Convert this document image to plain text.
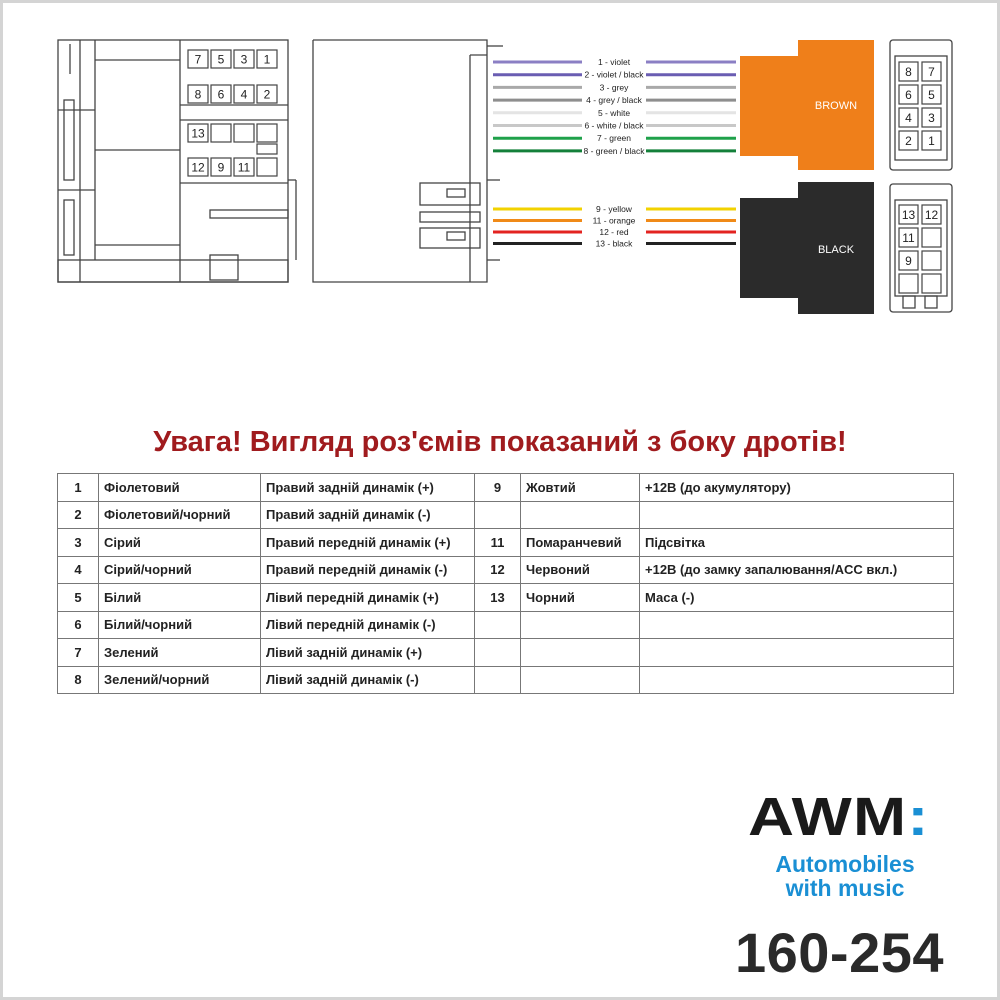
7 5 3 1
8 6 4 2
13
12 9 11
1 - violet
2 - violet / black
3 - grey
4 - grey / black
5 - white
6 - white / black
7 - green
8 - green / black
9 - yellow
11 - orange
12 - red
13 - black
BROWN
BLACK
8 7
6 5
4 3
2 1
13 12
11
9
Увага! Вигляд роз'ємів показаний з боку дротів!
1	Фіолетовий	Правий задній динамік (+)	9	Жовтий	+12В (до акумулятору)
2	Фіолетовий/чорний	Правий задній динамік (-)			
3	Сірий	Правий передній динамік (+)	11	Помаранчевий	Підсвітка
4	Сірий/чорний	Правий передній динамік (-)	12	Червоний	+12В (до замку запалювання/ACC вкл.)
5	Білий	Лівий передній динамік (+)	13	Чорний	Маса (-)
6	Білий/чорний	Лівий передній динамік (-)			
7	Зелений	Лівий задній динамік (+)			
8	Зелений/чорний	Лівий задній динамік (-)			
AWM:
Automobiles
with music
160-254
